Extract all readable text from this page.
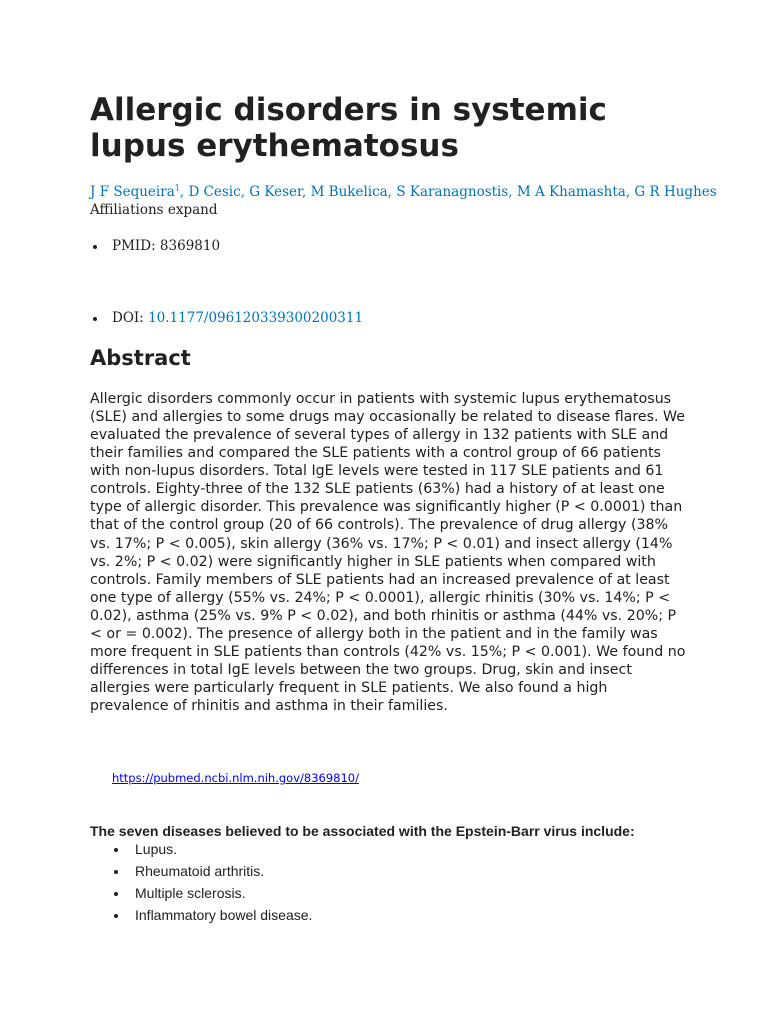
Allergic disorders in systemic lupus erythematosus
J F Sequeira$^1$, D Cesic, G Keser, M Bukelica, S Karanagnostis, M A Khamashta, G R Hughes
Affiliations expand
PMID: 8369810
DOI: 10.1177/096120339300200311
Abstract

Allergic disorders commonly occur in patients with systemic lupus erythematosus (SLE) and allergies to some drugs may occasionally be related to disease flares. We evaluated the prevalence of several types of allergy in 132 patients with SLE and their families and compared the SLE patients with a control group of 66 patients with non-lupus disorders. Total IgE levels were tested in 117 SLE patients and 61 controls. Eighty-three of the 132 SLE patients (63%) had a history of at least one type of allergic disorder. This prevalence was significantly higher (P < 0.0001) than that of the control group (20 of 66 controls). The prevalence of drug allergy (38% vs. 17%; P < 0.005), skin allergy (36% vs. 17%; P < 0.01) and insect allergy (14% vs. 2%; P < 0.02) were significantly higher in SLE patients when compared with controls. Family members of SLE patients had an increased prevalence of at least one type of allergy (55% vs. 24%; P < 0.0001), allergic rhinitis (30% vs. 14%; P < 0.02), asthma (25% vs. 9% P < 0.02), and both rhinitis or asthma (44% vs. 20%; P < or = 0.002). The presence of allergy both in the patient and in the family was more frequent in SLE patients than controls (42% vs. 15%; P < 0.001). We found no differences in total IgE levels between the two groups. Drug, skin and insect allergies were particularly frequent in SLE patients. We also found a high prevalence of rhinitis and asthma in their families.

https://pubmed.ncbi.nlm.nih.gov/8369810/
The seven diseases believed to be associated with the Epstein-Barr virus include:
Lupus.
Rheumatoid arthritis.
Multiple sclerosis.
Inflammatory bowel disease.
